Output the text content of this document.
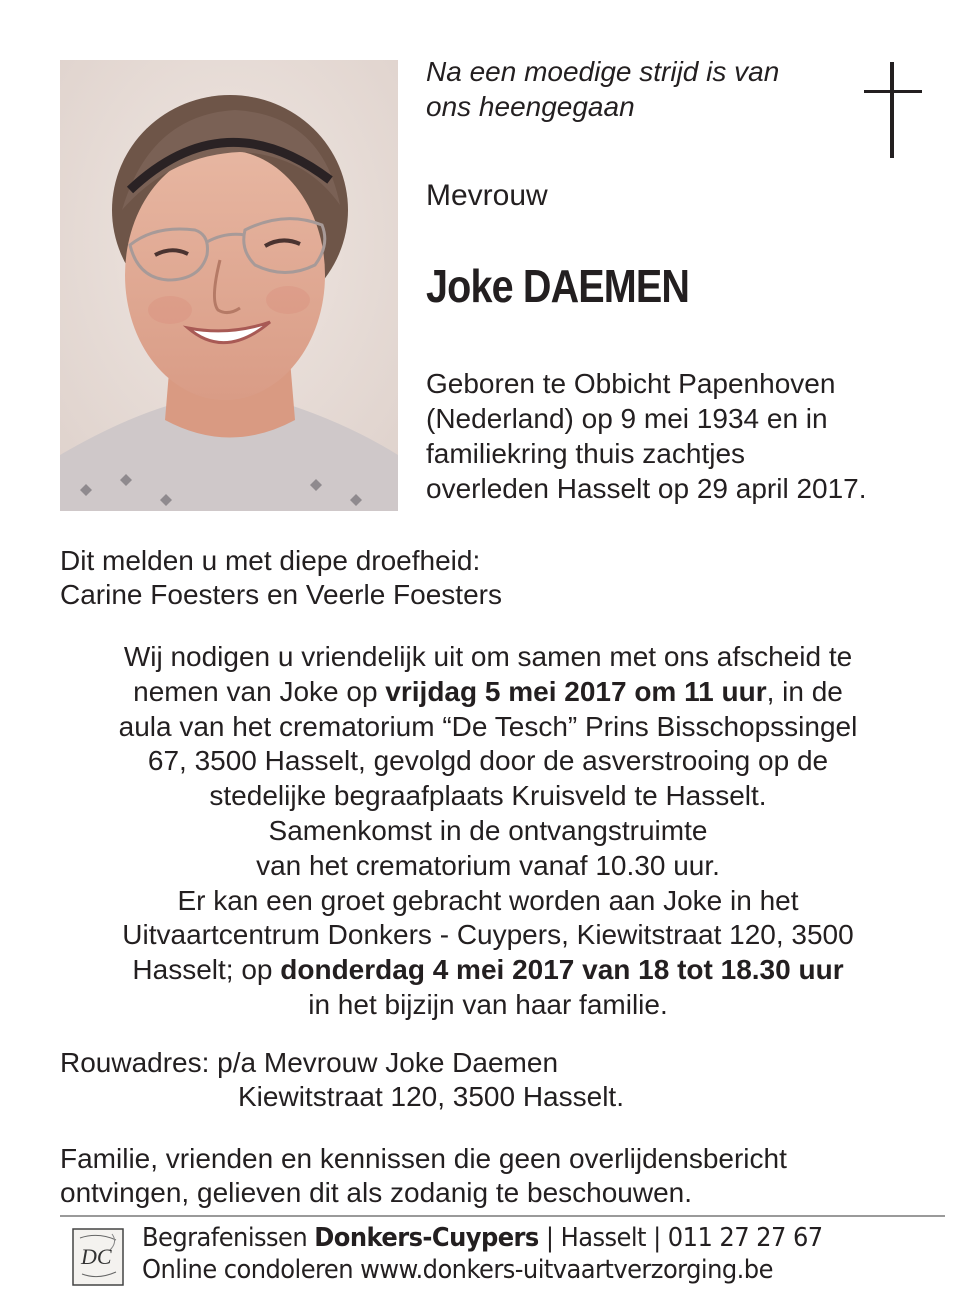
Na een moedige strijd is van
ons heengegaan
Mevrouw
Joke DAEMEN
Geboren te Obbicht Papenhoven
(Nederland) op 9 mei 1934 en in
familiekring thuis zachtjes
overleden Hasselt op 29 april 2017.
Dit melden u met diepe droefheid:
Carine Foesters en Veerle Foesters
Wij nodigen u vriendelijk uit om samen met ons afscheid te
nemen van Joke op vrijdag 5 mei 2017 om 11 uur, in de
aula van het crematorium “De Tesch” Prins Bisschopssingel
67, 3500 Hasselt, gevolgd door de asverstrooing op de
stedelijke begraafplaats Kruisveld te Hasselt.
Samenkomst in de ontvangstruimte
van het crematorium vanaf 10.30 uur.
Er kan een groet gebracht worden aan Joke in het
Uitvaartcentrum Donkers - Cuypers, Kiewitstraat 120, 3500
Hasselt; op donderdag 4 mei 2017 van 18 tot 18.30 uur
in het bijzijn van haar familie.
Rouwadres: p/a Mevrouw Joke Daemen
Kiewitstraat 120, 3500 Hasselt.
Familie, vrienden en kennissen die geen overlijdensbericht
ontvingen, gelieven dit als zodanig te beschouwen.
DC
Begrafenissen Donkers-Cuypers | Hasselt | 011 27 27 67
Online condoleren www.donkers-uitvaartverzorging.be
